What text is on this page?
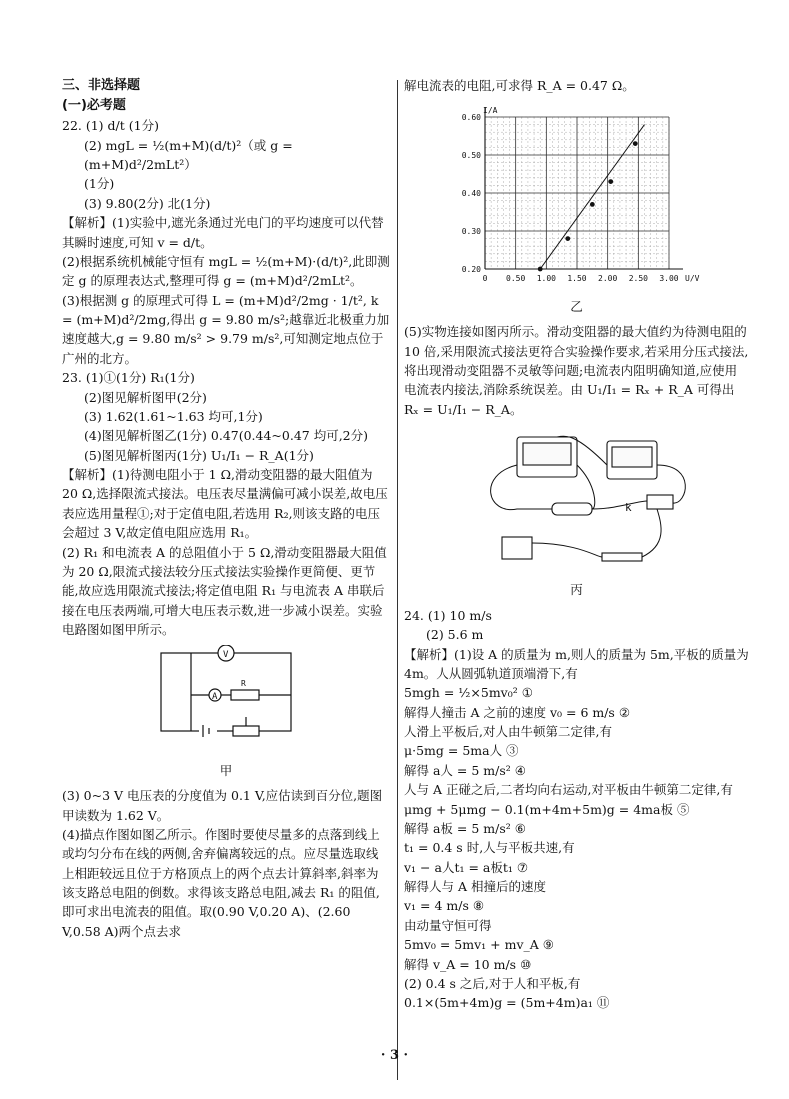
三、非选择题
(一)必考题

22. (1) d/t (1分)

(2) mgL = ½(m+M)(d/t)²（或 g = (m+M)d²/2mLt²）

(1分)

(3) 9.80(2分) 北(1分)

【解析】(1)实验中,遮光条通过光电门的平均速度可以代替其瞬时速度,可知 v = d/t。

(2)根据系统机械能守恒有 mgL = ½(m+M)·(d/t)²,此即测定 g 的原理表达式,整理可得 g = (m+M)d²/2mLt²。

(3)根据测 g 的原理式可得 L = (m+M)d²/2mg · 1/t², k = (m+M)d²/2mg,得出 g = 9.80 m/s²;越靠近北极重力加速度越大,g = 9.80 m/s² > 9.79 m/s²,可知测定地点位于广州的北方。

23. (1)①(1分) R₁(1分)

(2)图见解析图甲(2分)

(3) 1.62(1.61~1.63 均可,1分)

(4)图见解析图乙(1分) 0.47(0.44~0.47 均可,2分)

(5)图见解析图丙(1分) U₁/I₁ − R_A(1分)

【解析】(1)待测电阻小于 1 Ω,滑动变阻器的最大阻值为 20 Ω,选择限流式接法。电压表尽量满偏可减小误差,故电压表应选用量程①;对于定值电阻,若选用 R₂,则该支路的电压会超过 3 V,故定值电阻应选用 R₁。

(2) R₁ 和电流表 A 的总阻值小于 5 Ω,滑动变阻器最大阻值为 20 Ω,限流式接法较分压式接法实验操作更简便、更节能,故应选用限流式接法;将定值电阻 R₁ 与电流表 A 串联后接在电压表两端,可增大电压表示数,进一步减小误差。实验电路图如图甲所示。

V
A
R
甲

(3) 0~3 V 电压表的分度值为 0.1 V,应估读到百分位,题图甲读数为 1.62 V。

(4)描点作图如图乙所示。作图时要使尽量多的点落到线上或均匀分布在线的两侧,舍弃偏离较远的点。应尽量选取线上相距较远且位于方格顶点上的两个点去计算斜率,斜率为该支路总电阻的倒数。求得该支路总电阻,减去 R₁ 的阻值,即可求出电流表的阻值。取(0.90 V,0.20 A)、(2.60 V,0.58 A)两个点去求

解电流表的电阻,可求得 R_A = 0.47 Ω。

0 0.50 1.00 1.50 2.00 2.50 3.00
0.20
0.30
0.40
0.50
0.60
U/V
I/A
乙

(5)实物连接如图丙所示。滑动变阻器的最大值约为待测电阻的 10 倍,采用限流式接法更符合实验操作要求,若采用分压式接法,将出现滑动变阻器不灵敏等问题;电流表内阻明确知道,应使用电流表内接法,消除系统误差。由 U₁/I₁ = Rₓ + R_A 可得出 Rₓ = U₁/I₁ − R_A。

k
丙

24. (1) 10 m/s

(2) 5.6 m

【解析】(1)设 A 的质量为 m,则人的质量为 5m,平板的质量为 4m。人从圆弧轨道顶端滑下,有

5mgh = ½×5mv₀² ①

解得人撞击 A 之前的速度 v₀ = 6 m/s ②

人滑上平板后,对人由牛顿第二定律,有

μ·5mg = 5ma人 ③

解得 a人 = 5 m/s² ④

人与 A 正碰之后,二者均向右运动,对平板由牛顿第二定律,有

μmg + 5μmg − 0.1(m+4m+5m)g = 4ma板 ⑤

解得 a板 = 5 m/s² ⑥

t₁ = 0.4 s 时,人与平板共速,有

v₁ − a人t₁ = a板t₁ ⑦

解得人与 A 相撞后的速度

v₁ = 4 m/s ⑧

由动量守恒可得

5mv₀ = 5mv₁ + mv_A ⑨

解得 v_A = 10 m/s ⑩

(2) 0.4 s 之后,对于人和平板,有

0.1×(5m+4m)g = (5m+4m)a₁ ⑪

· 3 ·
